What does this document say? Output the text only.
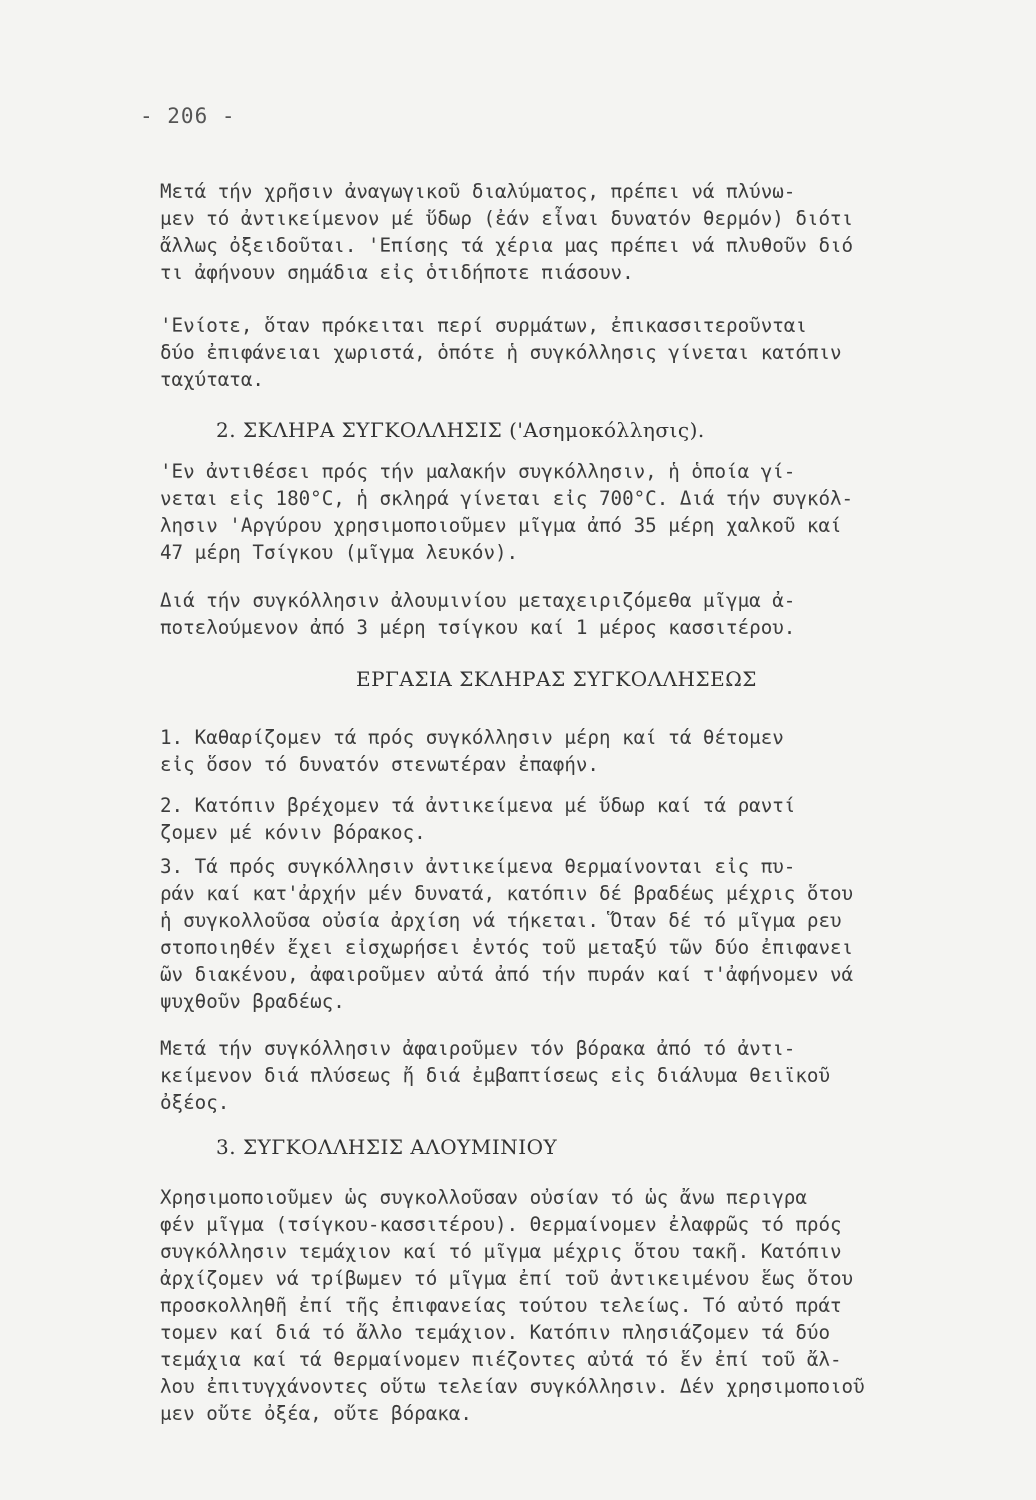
- 206 -
Μετά τήν χρῆσιν ἀναγωγικοῦ διαλύματος, πρέπει νά πλύνω-
μεν τό ἀντικείμενον μέ ὕδωρ (ἐάν εἶναι δυνατόν θερμόν) διότι
ἄλλως ὀξειδοῦται. 'Επίσης τά χέρια μας πρέπει νά πλυθοῦν διό
τι ἀφήνουν σημάδια εἰς ὁτιδήποτε πιάσουν.
'Ενίοτε, ὅταν πρόκειται περί συρμάτων, ἐπικασσιτεροῦνται
δύο ἐπιφάνειαι χωριστά, ὁπότε ἡ συγκόλλησις γίνεται κατόπιν
ταχύτατα.
2. ΣΚΛΗΡΑ ΣΥΓΚΟΛΛΗΣΙΣ ('Ασημοκόλλησις).
'Εν ἀντιθέσει πρός τήν μαλακήν συγκόλλησιν, ἡ ὁποία γί-
νεται εἰς 180°C, ἡ σκληρά γίνεται εἰς 700°C. Διά τήν συγκόλ-
λησιν 'Αργύρου χρησιμοποιοῦμεν μῖγμα ἀπό 35 μέρη χαλκοῦ καί
47 μέρη Τσίγκου (μῖγμα λευκόν).
Διά τήν συγκόλλησιν ἀλουμινίου μεταχειριζόμεθα μῖγμα ἀ-
ποτελούμενον ἀπό 3 μέρη τσίγκου καί 1 μέρος κασσιτέρου.
ΕΡΓΑΣΙΑ ΣΚΛΗΡΑΣ ΣΥΓΚΟΛΛΗΣΕΩΣ
1. Καθαρίζομεν τά πρός συγκόλλησιν μέρη καί τά θέτομεν
εἰς ὅσον τό δυνατόν στενωτέραν ἐπαφήν.
2. Κατόπιν βρέχομεν τά ἀντικείμενα μέ ὕδωρ καί τά ραντί
ζομεν μέ κόνιν βόρακος.
3. Τά πρός συγκόλλησιν ἀντικείμενα θερμαίνονται εἰς πυ-
ράν καί κατ'ἀρχήν μέν δυνατά, κατόπιν δέ βραδέως μέχρις ὅτου
ἡ συγκολλοῦσα οὐσία ἀρχίση νά τήκεται. Ὅταν δέ τό μῖγμα ρευ
στοποιηθέν ἔχει εἰσχωρήσει ἐντός τοῦ μεταξύ τῶν δύο ἐπιφανει
ῶν διακένου, ἀφαιροῦμεν αὐτά ἀπό τήν πυράν καί τ'ἀφήνομεν νά
ψυχθοῦν βραδέως.
Μετά τήν συγκόλλησιν ἀφαιροῦμεν τόν βόρακα ἀπό τό ἀντι-
κείμενον διά πλύσεως ἤ διά ἐμβαπτίσεως εἰς διάλυμα θειϊκοῦ
ὀξέος.
3. ΣΥΓΚΟΛΛΗΣΙΣ ΑΛΟΥΜΙΝΙΟΥ
Χρησιμοποιοῦμεν ὡς συγκολλοῦσαν οὐσίαν τό ὡς ἄνω περιγρα
φέν μῖγμα (τσίγκου-κασσιτέρου). Θερμαίνομεν ἐλαφρῶς τό πρός
συγκόλλησιν τεμάχιον καί τό μῖγμα μέχρις ὅτου τακῆ. Κατόπιν
ἀρχίζομεν νά τρίβωμεν τό μῖγμα ἐπί τοῦ ἀντικειμένου ἕως ὅτου
προσκολληθῆ ἐπί τῆς ἐπιφανείας τούτου τελείως. Τό αὐτό πράτ
τομεν καί διά τό ἄλλο τεμάχιον. Κατόπιν πλησιάζομεν τά δύο
τεμάχια καί τά θερμαίνομεν πιέζοντες αὐτά τό ἕν ἐπί τοῦ ἄλ-
λου ἐπιτυγχάνοντες οὕτω τελείαν συγκόλλησιν. Δέν χρησιμοποιοῦ
μεν οὔτε ὀξέα, οὔτε βόρακα.
